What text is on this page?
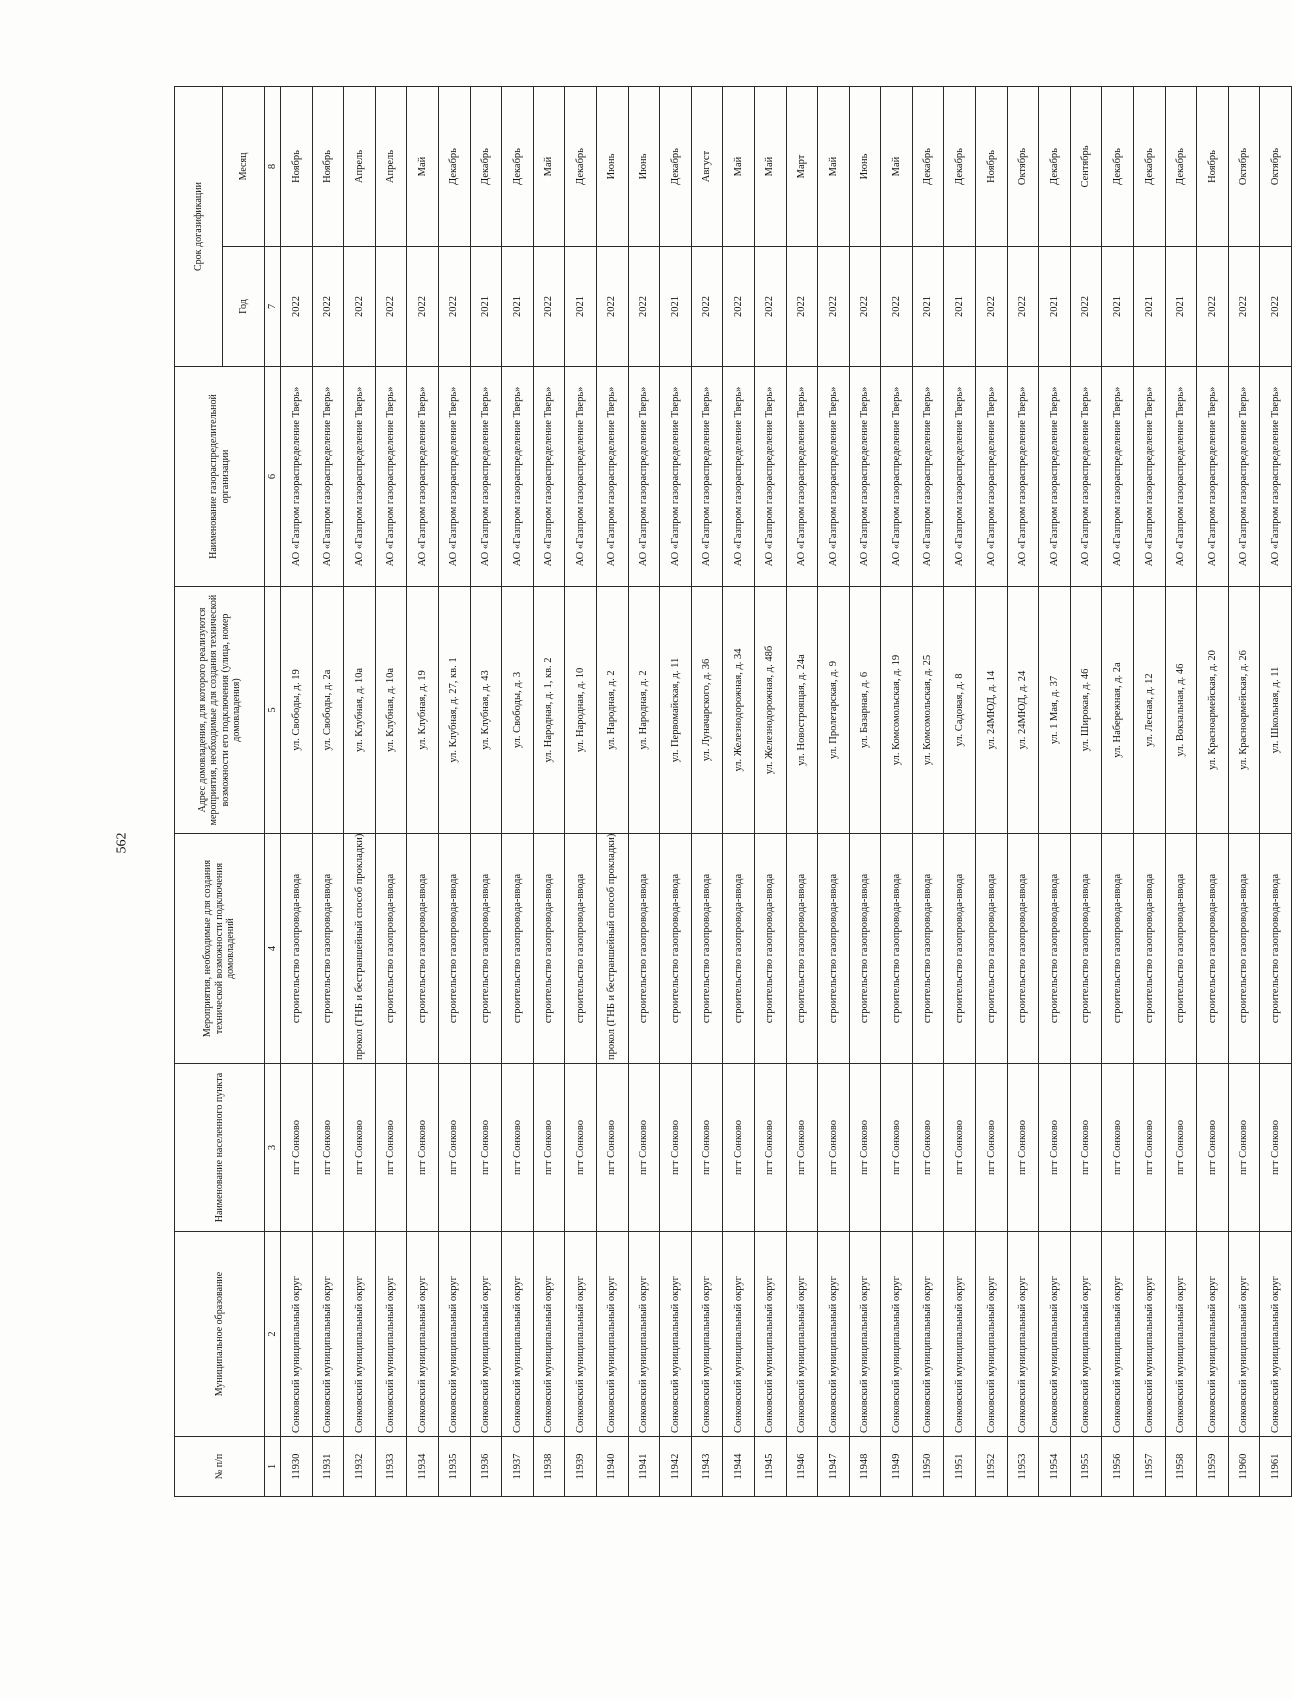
562
№ п/п	Муниципальное образование	Наименование населенного пункта	Мероприятия, необходимые для создания технической возможности подключения домовладений	Адрес домовладения, для которого реализуются мероприятия, необходимые для создания технической возможности его подключения (улица, номер домовладения)	Наименование газораспределительной организации	Срок догазификации	
						Год	Месяц
1	2	3	4	5	6	7	8
11930	Сонковский муниципальный округ	пгт Сонково	строительство газопровода-ввода	ул. Свободы, д. 19	АО «Газпром газораспределение Тверь»	2022	Ноябрь
11931	Сонковский муниципальный округ	пгт Сонково	строительство газопровода-ввода	ул. Свободы, д. 2а	АО «Газпром газораспределение Тверь»	2022	Ноябрь
11932	Сонковский муниципальный округ	пгт Сонково	прокол (ГНБ и бестраншейный способ прокладки)	ул. Клубная, д. 10а	АО «Газпром газораспределение Тверь»	2022	Апрель
11933	Сонковский муниципальный округ	пгт Сонково	строительство газопровода-ввода	ул. Клубная, д. 10а	АО «Газпром газораспределение Тверь»	2022	Апрель
11934	Сонковский муниципальный округ	пгт Сонково	строительство газопровода-ввода	ул. Клубная, д. 19	АО «Газпром газораспределение Тверь»	2022	Май
11935	Сонковский муниципальный округ	пгт Сонково	строительство газопровода-ввода	ул. Клубная, д. 27, кв. 1	АО «Газпром газораспределение Тверь»	2022	Декабрь
11936	Сонковский муниципальный округ	пгт Сонково	строительство газопровода-ввода	ул. Клубная, д. 43	АО «Газпром газораспределение Тверь»	2021	Декабрь
11937	Сонковский муниципальный округ	пгт Сонково	строительство газопровода-ввода	ул. Свободы, д. 3	АО «Газпром газораспределение Тверь»	2021	Декабрь
11938	Сонковский муниципальный округ	пгт Сонково	строительство газопровода-ввода	ул. Народная, д. 1, кв. 2	АО «Газпром газораспределение Тверь»	2022	Май
11939	Сонковский муниципальный округ	пгт Сонково	строительство газопровода-ввода	ул. Народная, д. 10	АО «Газпром газораспределение Тверь»	2021	Декабрь
11940	Сонковский муниципальный округ	пгт Сонково	прокол (ГНБ и бестраншейный способ прокладки)	ул. Народная, д. 2	АО «Газпром газораспределение Тверь»	2022	Июнь
11941	Сонковский муниципальный округ	пгт Сонково	строительство газопровода-ввода	ул. Народная, д. 2	АО «Газпром газораспределение Тверь»	2022	Июнь
11942	Сонковский муниципальный округ	пгт Сонково	строительство газопровода-ввода	ул. Первомайская, д. 11	АО «Газпром газораспределение Тверь»	2021	Декабрь
11943	Сонковский муниципальный округ	пгт Сонково	строительство газопровода-ввода	ул. Луначарского, д. 36	АО «Газпром газораспределение Тверь»	2022	Август
11944	Сонковский муниципальный округ	пгт Сонково	строительство газопровода-ввода	ул. Железнодорожная, д. 34	АО «Газпром газораспределение Тверь»	2022	Май
11945	Сонковский муниципальный округ	пгт Сонково	строительство газопровода-ввода	ул. Железнодорожная, д. 48б	АО «Газпром газораспределение Тверь»	2022	Май
11946	Сонковский муниципальный округ	пгт Сонково	строительство газопровода-ввода	ул. Новостроящая, д. 24а	АО «Газпром газораспределение Тверь»	2022	Март
11947	Сонковский муниципальный округ	пгт Сонково	строительство газопровода-ввода	ул. Пролетарская, д. 9	АО «Газпром газораспределение Тверь»	2022	Май
11948	Сонковский муниципальный округ	пгт Сонково	строительство газопровода-ввода	ул. Базарная, д. 6	АО «Газпром газораспределение Тверь»	2022	Июнь
11949	Сонковский муниципальный округ	пгт Сонково	строительство газопровода-ввода	ул. Комсомольская, д. 19	АО «Газпром газораспределение Тверь»	2022	Май
11950	Сонковский муниципальный округ	пгт Сонково	строительство газопровода-ввода	ул. Комсомольская, д. 25	АО «Газпром газораспределение Тверь»	2021	Декабрь
11951	Сонковский муниципальный округ	пгт Сонково	строительство газопровода-ввода	ул. Садовая, д. 8	АО «Газпром газораспределение Тверь»	2021	Декабрь
11952	Сонковский муниципальный округ	пгт Сонково	строительство газопровода-ввода	ул. 24МЮД, д. 14	АО «Газпром газораспределение Тверь»	2022	Ноябрь
11953	Сонковский муниципальный округ	пгт Сонково	строительство газопровода-ввода	ул. 24МЮД, д. 24	АО «Газпром газораспределение Тверь»	2022	Октябрь
11954	Сонковский муниципальный округ	пгт Сонково	строительство газопровода-ввода	ул. 1 Мая, д. 37	АО «Газпром газораспределение Тверь»	2021	Декабрь
11955	Сонковский муниципальный округ	пгт Сонково	строительство газопровода-ввода	ул. Широкая, д. 46	АО «Газпром газораспределение Тверь»	2022	Сентябрь
11956	Сонковский муниципальный округ	пгт Сонково	строительство газопровода-ввода	ул. Набережная, д. 2а	АО «Газпром газораспределение Тверь»	2021	Декабрь
11957	Сонковский муниципальный округ	пгт Сонково	строительство газопровода-ввода	ул. Лесная, д. 12	АО «Газпром газораспределение Тверь»	2021	Декабрь
11958	Сонковский муниципальный округ	пгт Сонково	строительство газопровода-ввода	ул. Вокзальная, д. 46	АО «Газпром газораспределение Тверь»	2021	Декабрь
11959	Сонковский муниципальный округ	пгт Сонково	строительство газопровода-ввода	ул. Красноармейская, д. 20	АО «Газпром газораспределение Тверь»	2022	Ноябрь
11960	Сонковский муниципальный округ	пгт Сонково	строительство газопровода-ввода	ул. Красноармейская, д. 26	АО «Газпром газораспределение Тверь»	2022	Октябрь
11961	Сонковский муниципальный округ	пгт Сонково	строительство газопровода-ввода	ул. Школьная, д. 11	АО «Газпром газораспределение Тверь»	2022	Октябрь
